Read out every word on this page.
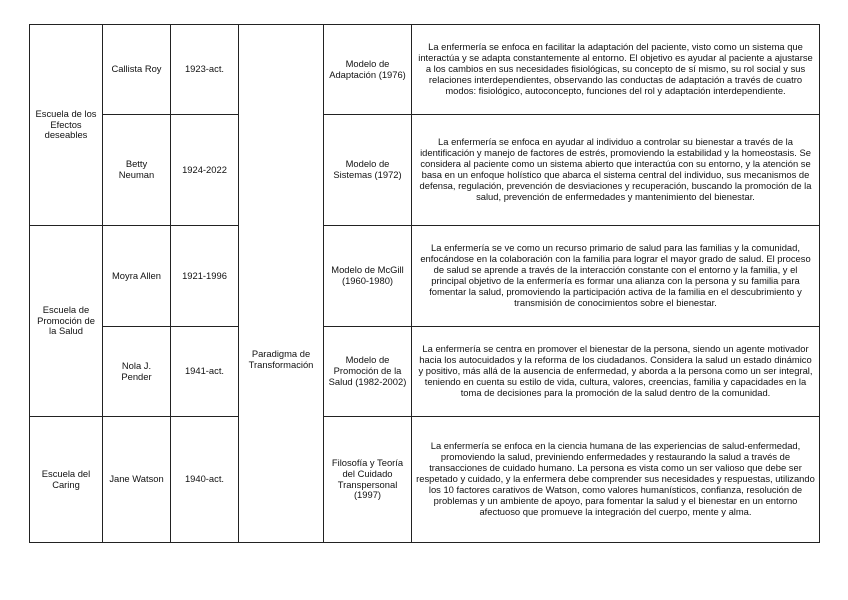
Escuela de los Efectos deseables	Callista Roy	1923-act.	Paradigma de Transformación	Modelo de Adaptación (1976)	La enfermería se enfoca en facilitar la adaptación del paciente, visto como un sistema que interactúa y se adapta constantemente al entorno. El objetivo es ayudar al paciente a ajustarse a los cambios en sus necesidades fisiológicas, su concepto de sí mismo, su rol social y sus relaciones interdependientes, observando las conductas de adaptación a través de cuatro modos: fisiológico, autoconcepto, funciones del rol y adaptación interdependiente.
	Betty Neuman	1924-2022		Modelo de Sistemas (1972)	La enfermería se enfoca en ayudar al individuo a controlar su bienestar a través de la identificación y manejo de factores de estrés, promoviendo la estabilidad y la homeostasis. Se considera al paciente como un sistema abierto que interactúa con su entorno, y la atención se basa en un enfoque holístico que abarca el sistema central del individuo, sus mecanismos de defensa, regulación, prevención de desviaciones y recuperación, buscando la promoción de la salud, prevención de enfermedades y mantenimiento del bienestar.
Escuela de Promoción de la Salud	Moyra Allen	1921-1996		Modelo de McGill (1960-1980)	La enfermería se ve como un recurso primario de salud para las familias y la comunidad, enfocándose en la colaboración con la familia para lograr el mayor grado de salud. El proceso de salud se aprende a través de la interacción constante con el entorno y la familia, y el principal objetivo de la enfermería es formar una alianza con la persona y su familia para fomentar la salud, promoviendo la participación activa de la familia en el descubrimiento y transmisión de conocimientos sobre el bienestar.
	Nola J. Pender	1941-act.		Modelo de Promoción de la Salud (1982-2002)	La enfermería se centra en promover el bienestar de la persona, siendo un agente motivador hacia los autocuidados y la reforma de los ciudadanos. Considera la salud un estado dinámico y positivo, más allá de la ausencia de enfermedad, y aborda a la persona como un ser integral, teniendo en cuenta su estilo de vida, cultura, valores, creencias, familia y capacidades en la toma de decisiones para la promoción de la salud dentro de la comunidad.
Escuela del Caring	Jane Watson	1940-act.		Filosofía y Teoría del Cuidado Transpersonal (1997)	La enfermería se enfoca en la ciencia humana de las experiencias de salud-enfermedad, promoviendo la salud, previniendo enfermedades y restaurando la salud a través de transacciones de cuidado humano. La persona es vista como un ser valioso que debe ser respetado y cuidado, y la enfermera debe comprender sus necesidades y respuestas, utilizando los 10 factores carativos de Watson, como valores humanísticos, confianza, resolución de problemas y un ambiente de apoyo, para fomentar la salud y el bienestar en un entorno afectuoso que promueve la integración del cuerpo, mente y alma.
